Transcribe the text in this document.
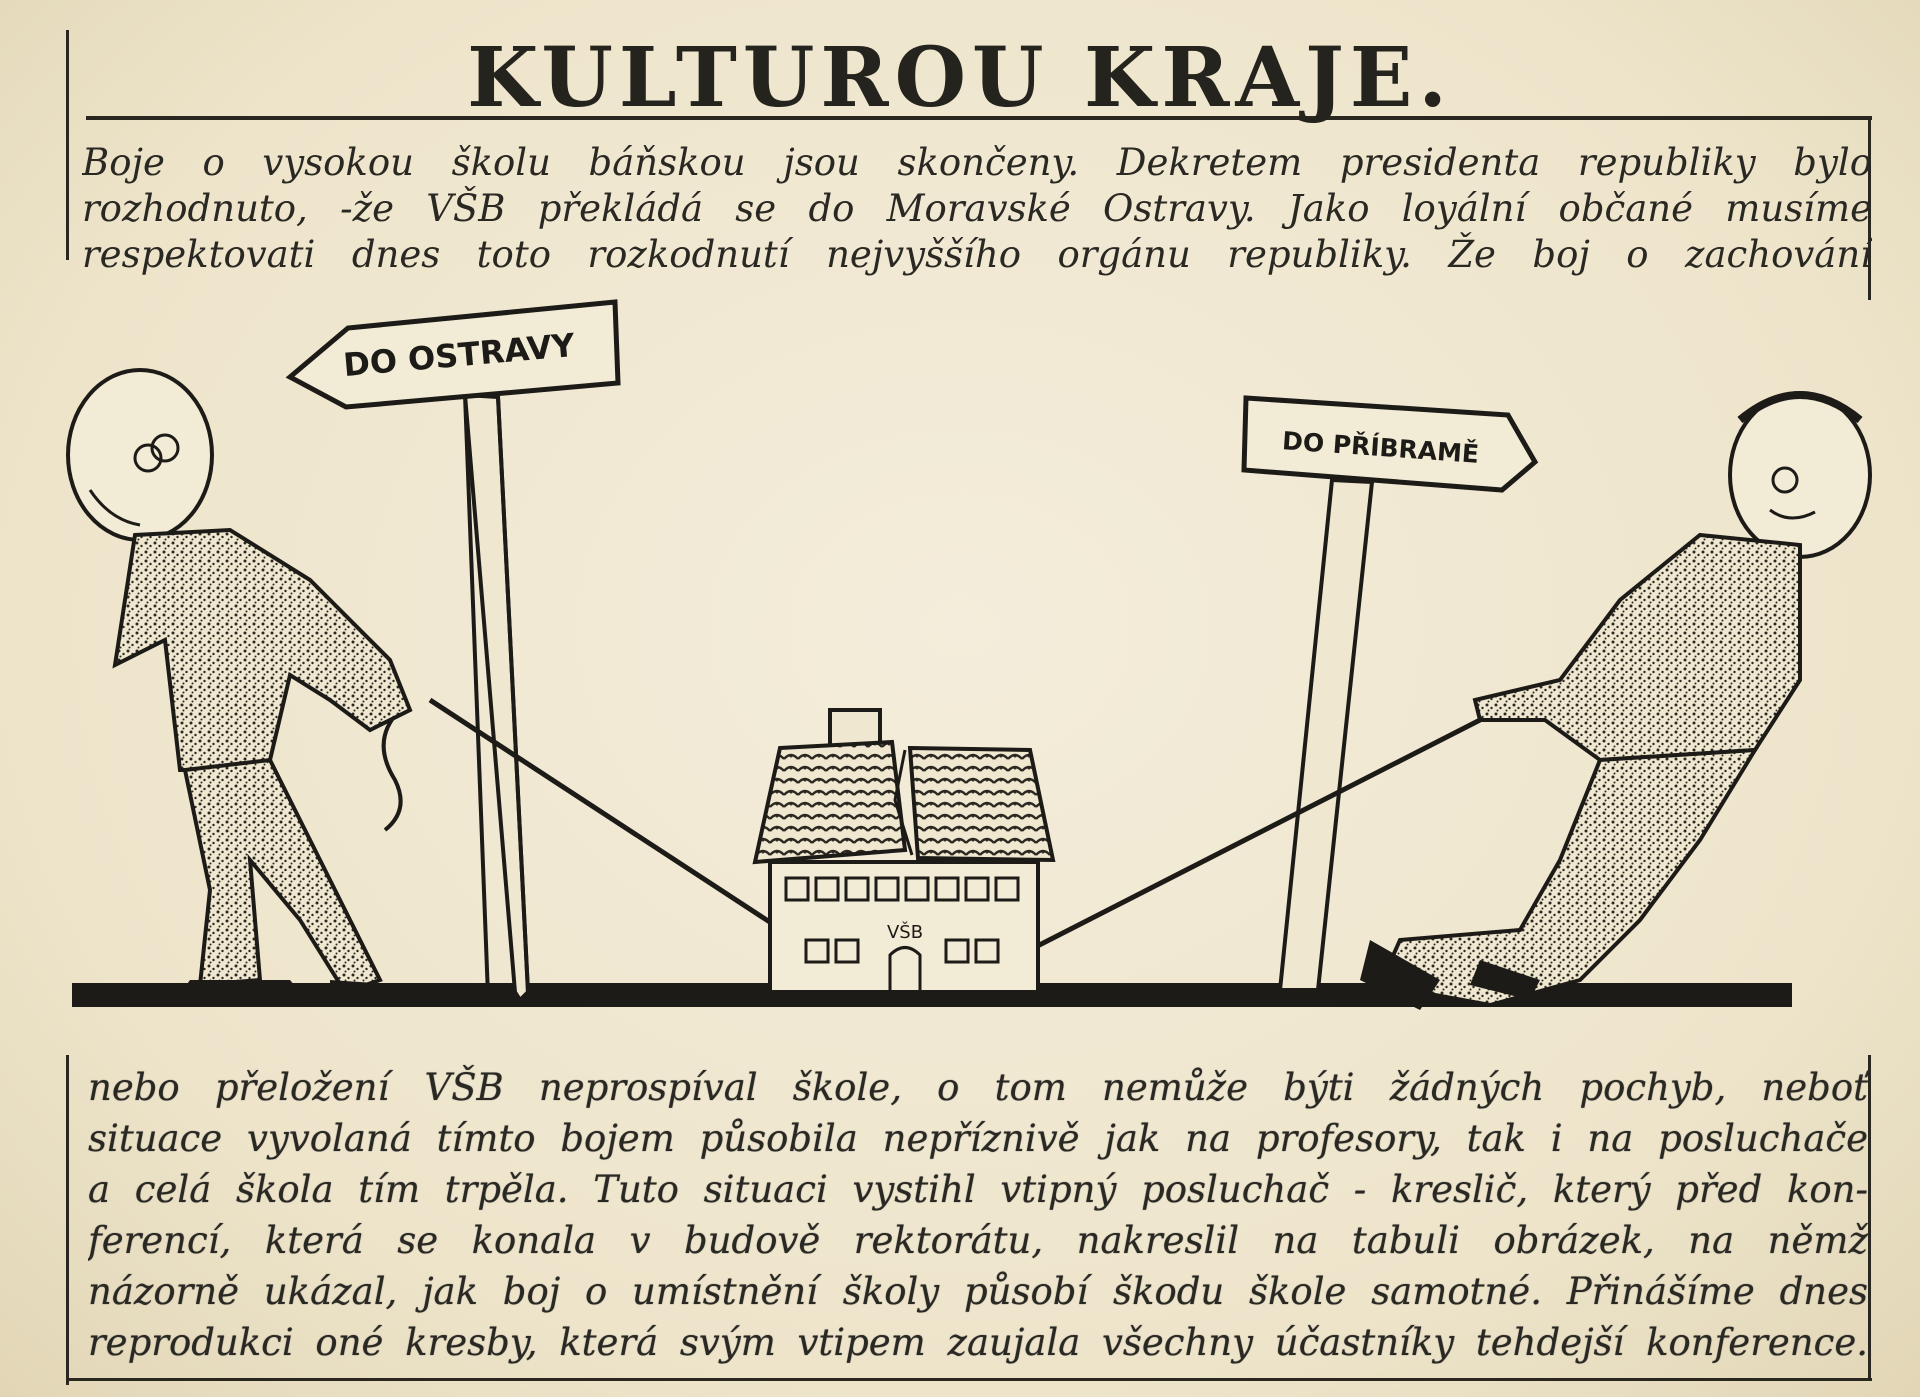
KULTUROU KRAJE.
Boje o vysokou školu báňskou jsou skončeny. Dekretem presidenta republiky bylo
rozhodnuto, -že VŠB překládá se do Moravské Ostravy. Jako loyální občané musíme
respektovati dnes toto rozkodnutí nejvyššího orgánu republiky. Že boj o zachování
DO OSTRAVY
DO PŘÍBRAMĚ
VŠB
nebo přeložení VŠB neprospíval škole, o tom nemůže býti žádných pochyb, neboť
situace vyvolaná tímto bojem působila nepříznivě jak na profesory, tak i na posluchače
a celá škola tím trpěla. Tuto situaci vystihl vtipný posluchač - kreslič, který před kon-
ferencí, která se konala v budově rektorátu, nakreslil na tabuli obrázek, na němž
názorně ukázal, jak boj o umístnění školy působí škodu škole samotné. Přinášíme dnes
reprodukci oné kresby, která svým vtipem zaujala všechny účastníky tehdejší konference.
